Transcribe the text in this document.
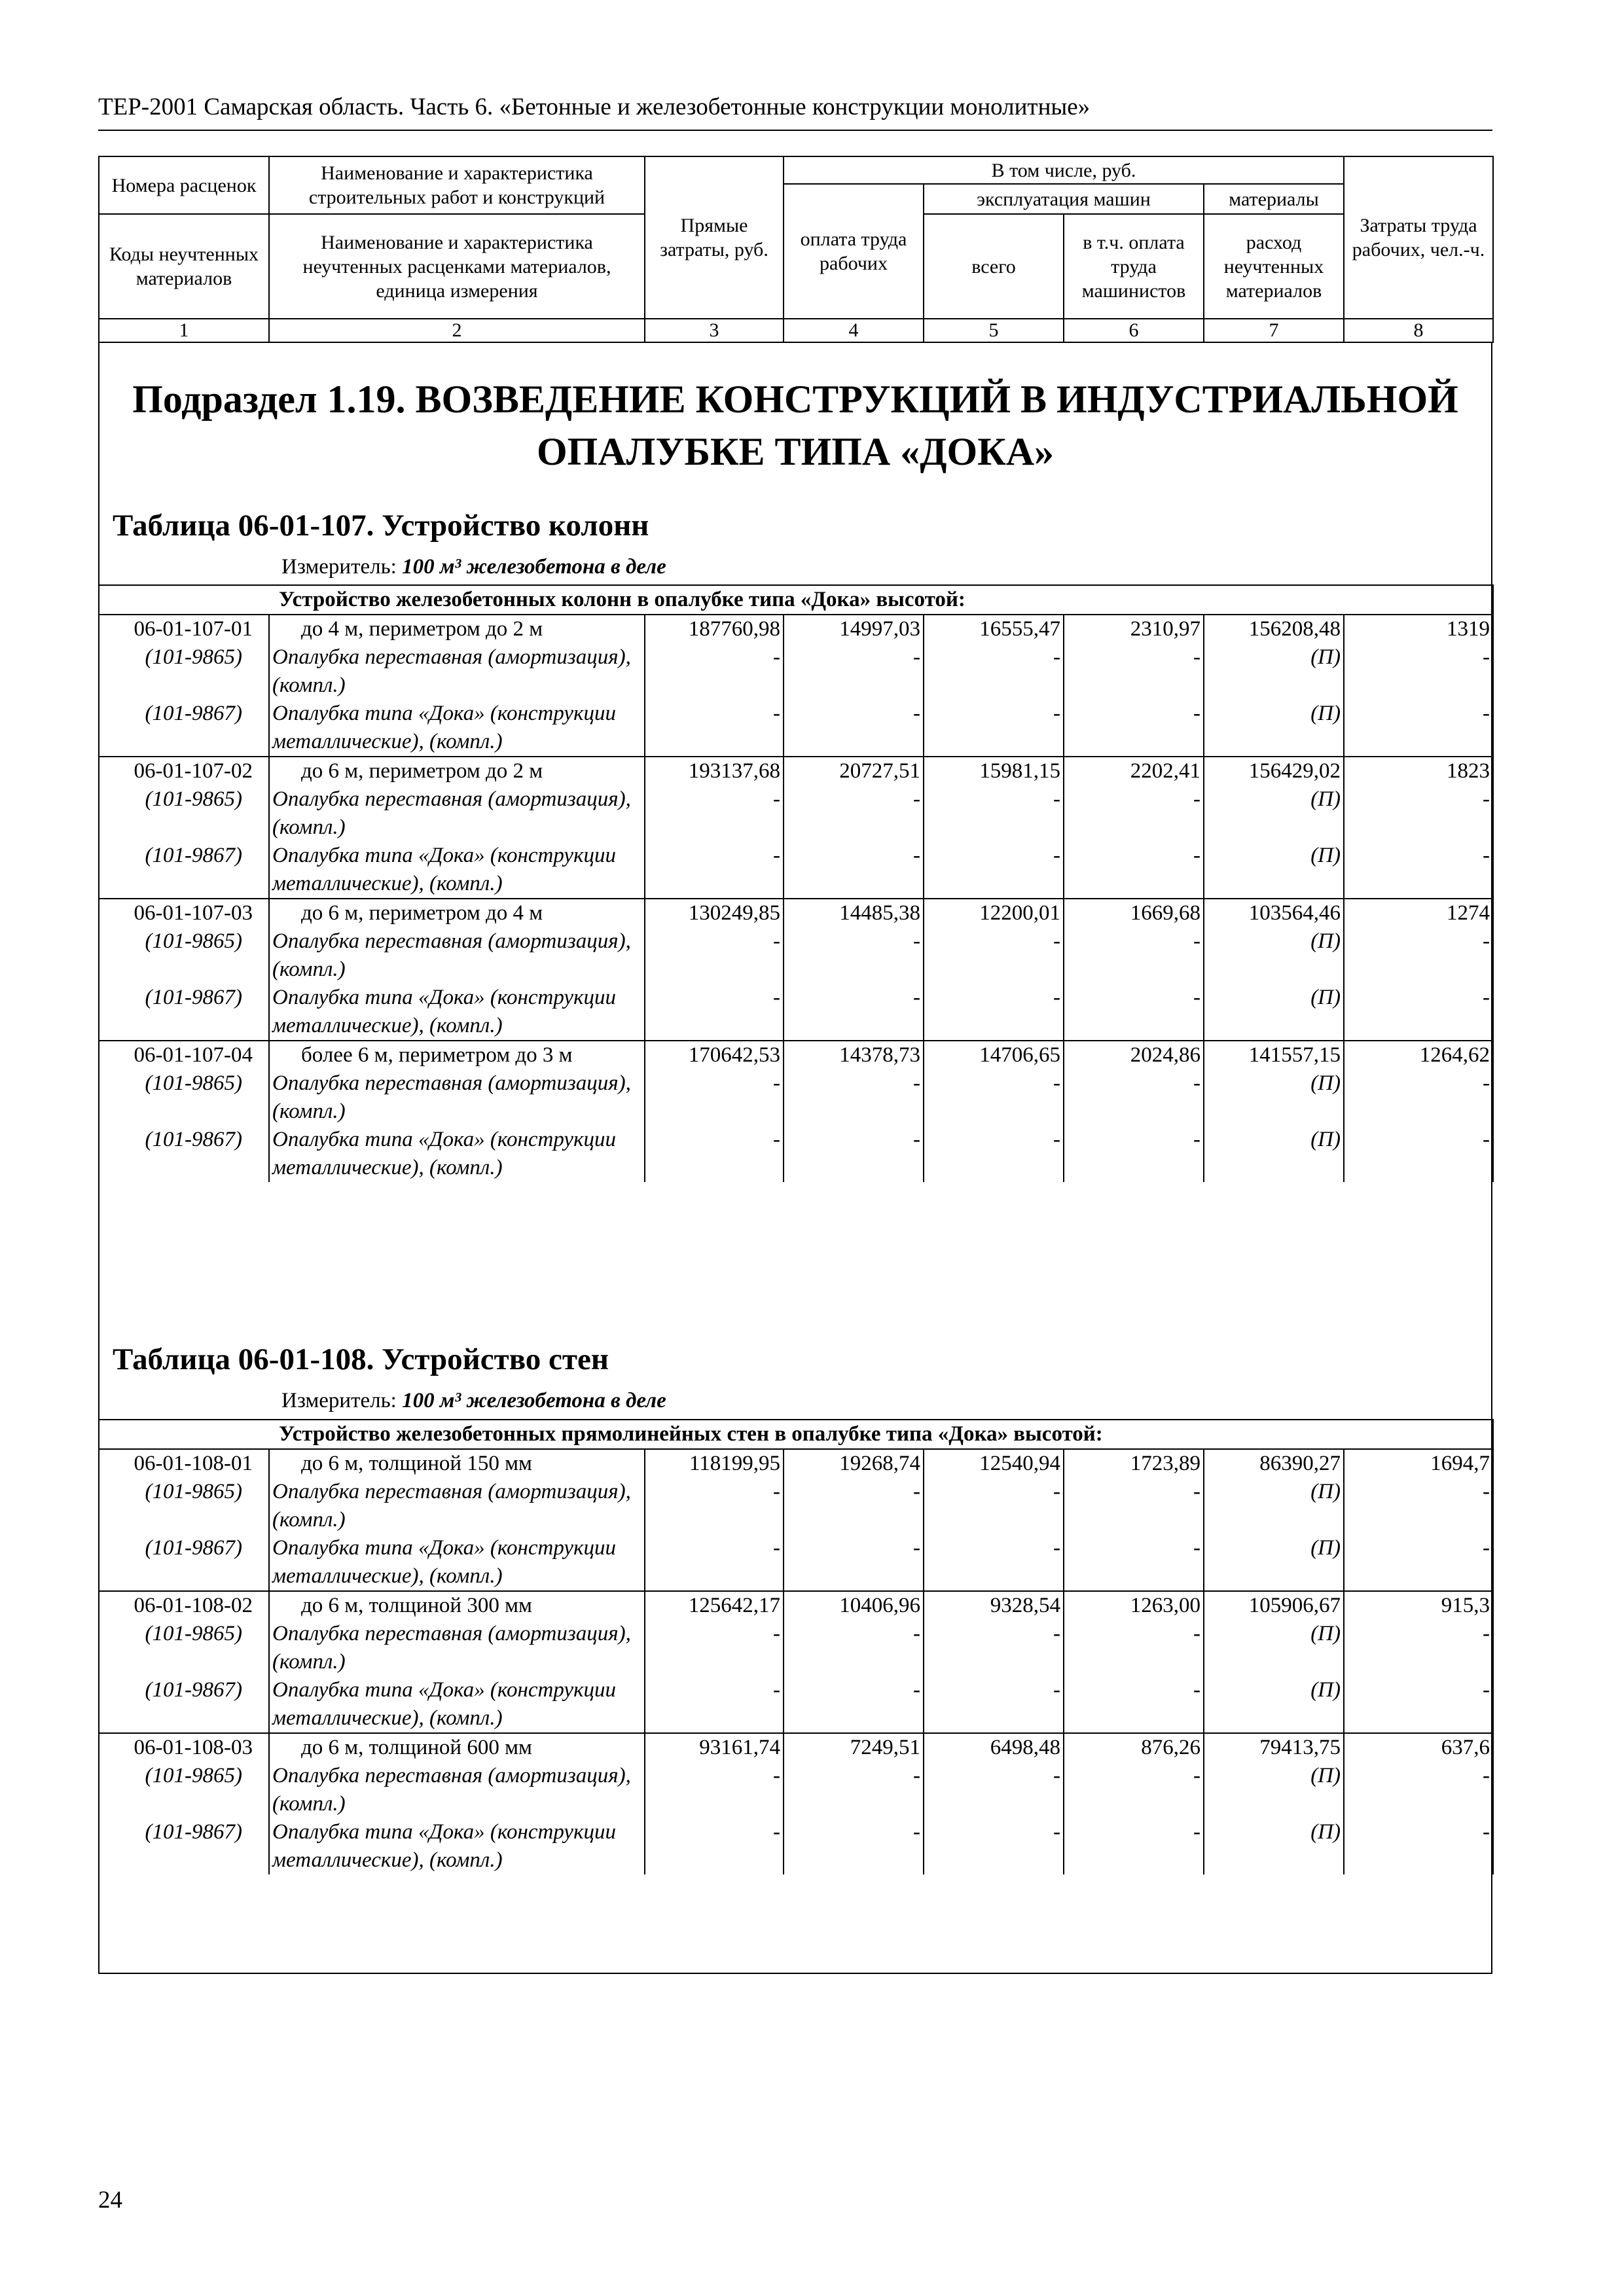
ТЕР-2001 Самарская область. Часть 6. «Бетонные и железобетонные конструкции монолитные»
Номера расценок	Наименование и характеристика строительных работ и конструкций	Прямые затраты, руб.	В том числе, руб.				Затраты труда рабочих, чел.-ч.
			оплата труда рабочих	эксплуатация машин		материалы	
Коды неучтенных материалов	Наименование и характеристика неучтенных расценками материалов, единица измерения			всего	в т.ч. оплата труда машинистов	расход неучтенных материалов	

1	2	3	4	5	6	7	8
Подраздел 1.19. ВОЗВЕДЕНИЕ КОНСТРУКЦИЙ В ИНДУСТРИАЛЬНОЙ ОПАЛУБКЕ ТИПА «ДОКА»
Таблица 06-01-107. Устройство колонн
Измеритель: 100 м³ железобетона в деле
Устройство железобетонных колонн в опалубке типа «Дока» высотой:							
06-01-107-01	до 4 м, периметром до 2 м	187760,98	14997,03	16555,47	2310,97	156208,48	1319
(101-9865)	Опалубка переставная (амортизация), (компл.)	-	-	-	-	(П)	-
(101-9867)	Опалубка типа «Дока» (конструкции металлические), (компл.)	-	-	-	-	(П)	-
06-01-107-02	до 6 м, периметром до 2 м	193137,68	20727,51	15981,15	2202,41	156429,02	1823
(101-9865)	Опалубка переставная (амортизация), (компл.)	-	-	-	-	(П)	-
(101-9867)	Опалубка типа «Дока» (конструкции металлические), (компл.)	-	-	-	-	(П)	-
06-01-107-03	до 6 м, периметром до 4 м	130249,85	14485,38	12200,01	1669,68	103564,46	1274
(101-9865)	Опалубка переставная (амортизация), (компл.)	-	-	-	-	(П)	-
(101-9867)	Опалубка типа «Дока» (конструкции металлические), (компл.)	-	-	-	-	(П)	-
06-01-107-04	более 6 м, периметром до 3 м	170642,53	14378,73	14706,65	2024,86	141557,15	1264,62
(101-9865)	Опалубка переставная (амортизация), (компл.)	-	-	-	-	(П)	-
(101-9867)	Опалубка типа «Дока» (конструкции металлические), (компл.)	-	-	-	-	(П)	-
Таблица 06-01-108. Устройство стен
Измеритель: 100 м³ железобетона в деле
Устройство железобетонных прямолинейных стен в опалубке типа «Дока» высотой:							
06-01-108-01	до 6 м, толщиной 150 мм	118199,95	19268,74	12540,94	1723,89	86390,27	1694,7
(101-9865)	Опалубка переставная (амортизация), (компл.)	-	-	-	-	(П)	-
(101-9867)	Опалубка типа «Дока» (конструкции металлические), (компл.)	-	-	-	-	(П)	-
06-01-108-02	до 6 м, толщиной 300 мм	125642,17	10406,96	9328,54	1263,00	105906,67	915,3
(101-9865)	Опалубка переставная (амортизация), (компл.)	-	-	-	-	(П)	-
(101-9867)	Опалубка типа «Дока» (конструкции металлические), (компл.)	-	-	-	-	(П)	-
06-01-108-03	до 6 м, толщиной 600 мм	93161,74	7249,51	6498,48	876,26	79413,75	637,6
(101-9865)	Опалубка переставная (амортизация), (компл.)	-	-	-	-	(П)	-
(101-9867)	Опалубка типа «Дока» (конструкции металлические), (компл.)	-	-	-	-	(П)	-
24
